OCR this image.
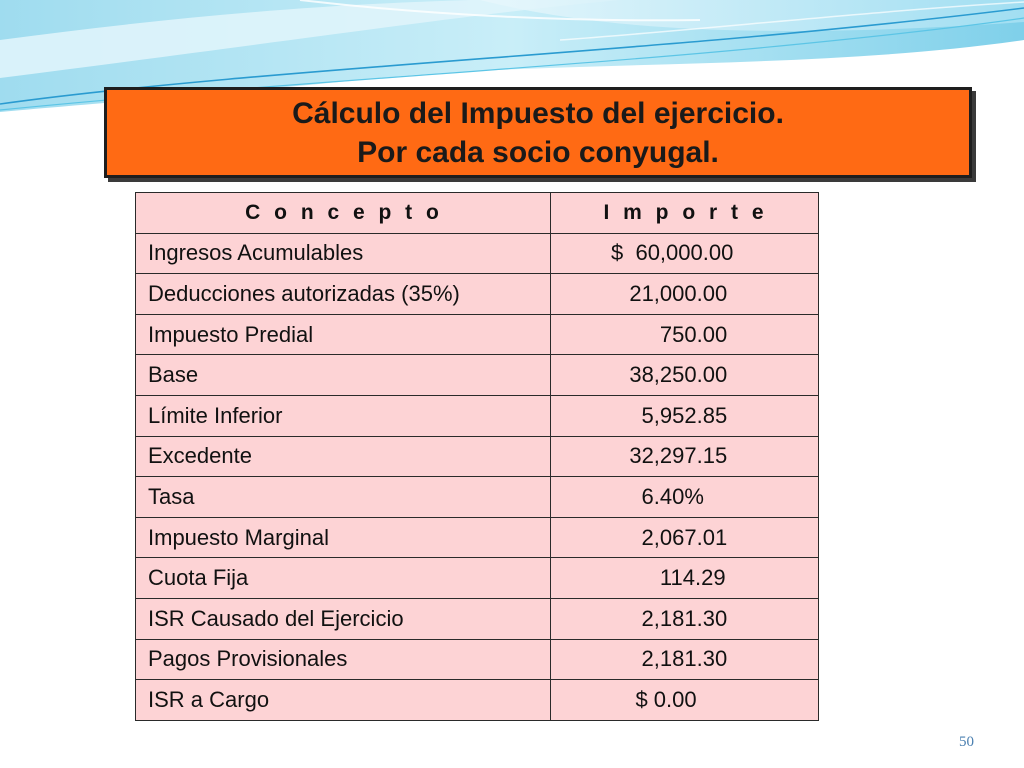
Cálculo del Impuesto del ejercicio.
Por cada socio conyugal.
C o n c e p t o	I m p o r t e
Ingresos Acumulables	$  60,000.00
Deducciones autorizadas (35%)	21,000.00
Impuesto Predial	750.00
Base	38,250.00
Límite Inferior	5,952.85
Excedente	32,297.15
Tasa	6.40%
Impuesto Marginal	2,067.01
Cuota Fija	114.29
ISR Causado del Ejercicio	2,181.30
Pagos Provisionales	2,181.30
ISR a Cargo	$ 0.00
50
